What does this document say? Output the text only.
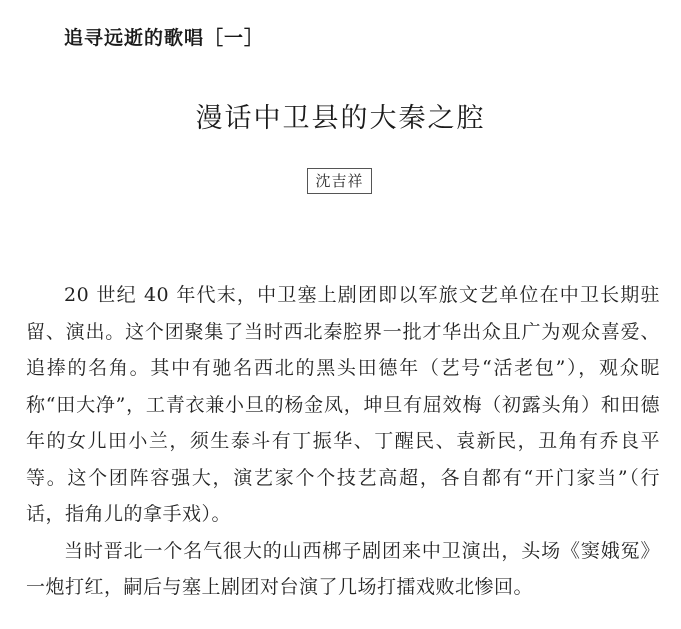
追寻远逝的歌唱［一］
漫话中卫县的大秦之腔
沈吉祥

20 世纪 40 年代末，中卫塞上剧团即以军旅文艺单位在中卫长期驻留、演出。这个团聚集了当时西北秦腔界一批才华出众且广为观众喜爱、追捧的名角。其中有驰名西北的黑头田德年（艺号“活老包”），观众昵称“田大净”，工青衣兼小旦的杨金凤，坤旦有屈效梅（初露头角）和田德年的女儿田小兰，须生泰斗有丁振华、丁醒民、袁新民，丑角有乔良平等。这个团阵容强大，演艺家个个技艺高超，各自都有“开门家当”（行话，指角儿的拿手戏）。

当时晋北一个名气很大的山西梆子剧团来中卫演出，头场《窦娥冤》一炮打红，嗣后与塞上剧团对台演了几场打擂戏败北惨回。
